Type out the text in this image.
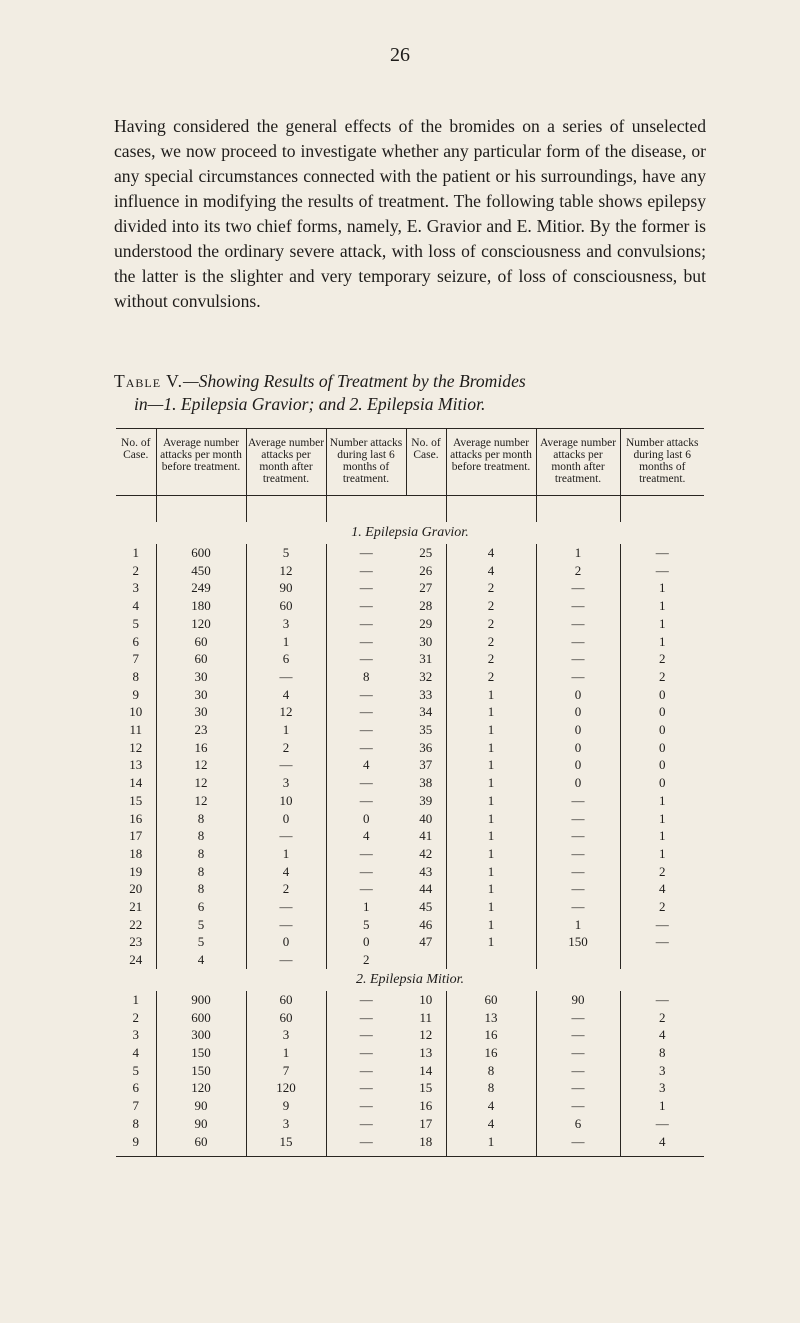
26

Having considered the general effects of the bromides on a series of unselected cases, we now proceed to investigate whether any particular form of the disease, or any special circumstances connected with the patient or his surroundings, have any influence in modifying the results of treatment. The following table shows epilepsy divided into its two chief forms, namely, E. Gravior and E. Mitior. By the former is understood the ordinary severe attack, with loss of consciousness and convulsions; the latter is the slighter and very temporary seizure, of loss of consciousness, but without convulsions.

Table V.—Showing Results of Treatment by the Bromides
in—1. Epilepsia Gravior; and 2. Epilepsia Mitior.
No. of Case.	Average number attacks per month before treatment.	Average number attacks per month after treatment.	Number attacks during last 6 months of treatment.	No. of Case.	Average number attacks per month before treatment.	Average number attacks per month after treatment.	Number attacks during last 6 months of treatment.

1. Epilepsia Gravior.							
1	600	5	—	25	4	1	—
2	450	12	—	26	4	2	—
3	249	90	—	27	2	—	1
4	180	60	—	28	2	—	1
5	120	3	—	29	2	—	1
6	60	1	—	30	2	—	1
7	60	6	—	31	2	—	2
8	30	—	8	32	2	—	2
9	30	4	—	33	1	0	0
10	30	12	—	34	1	0	0
11	23	1	—	35	1	0	0
12	16	2	—	36	1	0	0
13	12	—	4	37	1	0	0
14	12	3	—	38	1	0	0
15	12	10	—	39	1	—	1
16	8	0	0	40	1	—	1
17	8	—	4	41	1	—	1
18	8	1	—	42	1	—	1
19	8	4	—	43	1	—	2
20	8	2	—	44	1	—	4
21	6	—	1	45	1	—	2
22	5	—	5	46	1	1	—
23	5	0	0	47	1	150	—
24	4	—	2				
2. Epilepsia Mitior.							
1	900	60	—	10	60	90	—
2	600	60	—	11	13	—	2
3	300	3	—	12	16	—	4
4	150	1	—	13	16	—	8
5	150	7	—	14	8	—	3
6	120	120	—	15	8	—	3
7	90	9	—	16	4	—	1
8	90	3	—	17	4	6	—
9	60	15	—	18	1	—	4
